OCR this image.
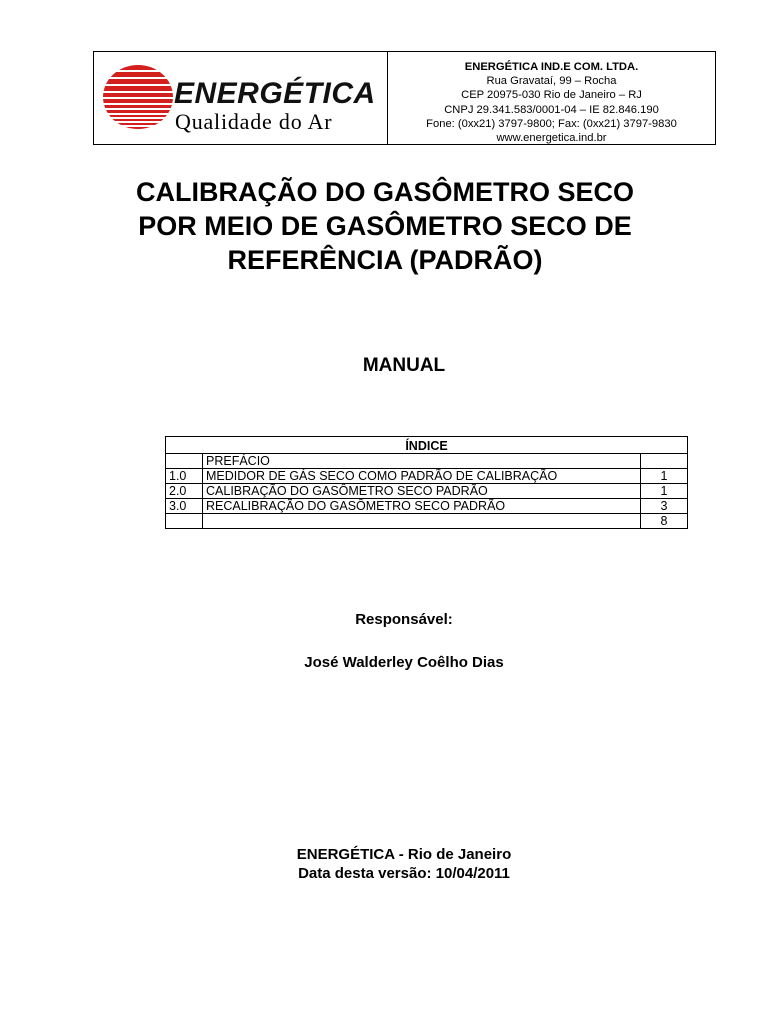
ENERGÉTICA
Qualidade do Ar
ENERGÉTICA IND.E COM. LTDA.
Rua Gravataí, 99 – Rocha
CEP 20975-030 Rio de Janeiro – RJ
CNPJ 29.341.583/0001-04 – IE 82.846.190
Fone: (0xx21) 3797-9800; Fax: (0xx21) 3797-9830
www.energetica.ind.br
CALIBRAÇÃO DO GASÔMETRO SECO
POR MEIO DE GASÔMETRO SECO DE
REFERÊNCIA (PADRÃO)
MANUAL
ÍNDICE		
	PREFÁCIO	
1.0	MEDIDOR DE GÁS SECO COMO PADRÃO DE CALIBRAÇÃO	1
2.0	CALIBRAÇÃO DO GASÔMETRO SECO PADRÃO	1
3.0	RECALIBRAÇÃO DO GASÔMETRO SECO PADRÃO	3
		8
Responsável:
José Walderley Coêlho Dias
ENERGÉTICA - Rio de Janeiro
Data desta versão: 10/04/2011
